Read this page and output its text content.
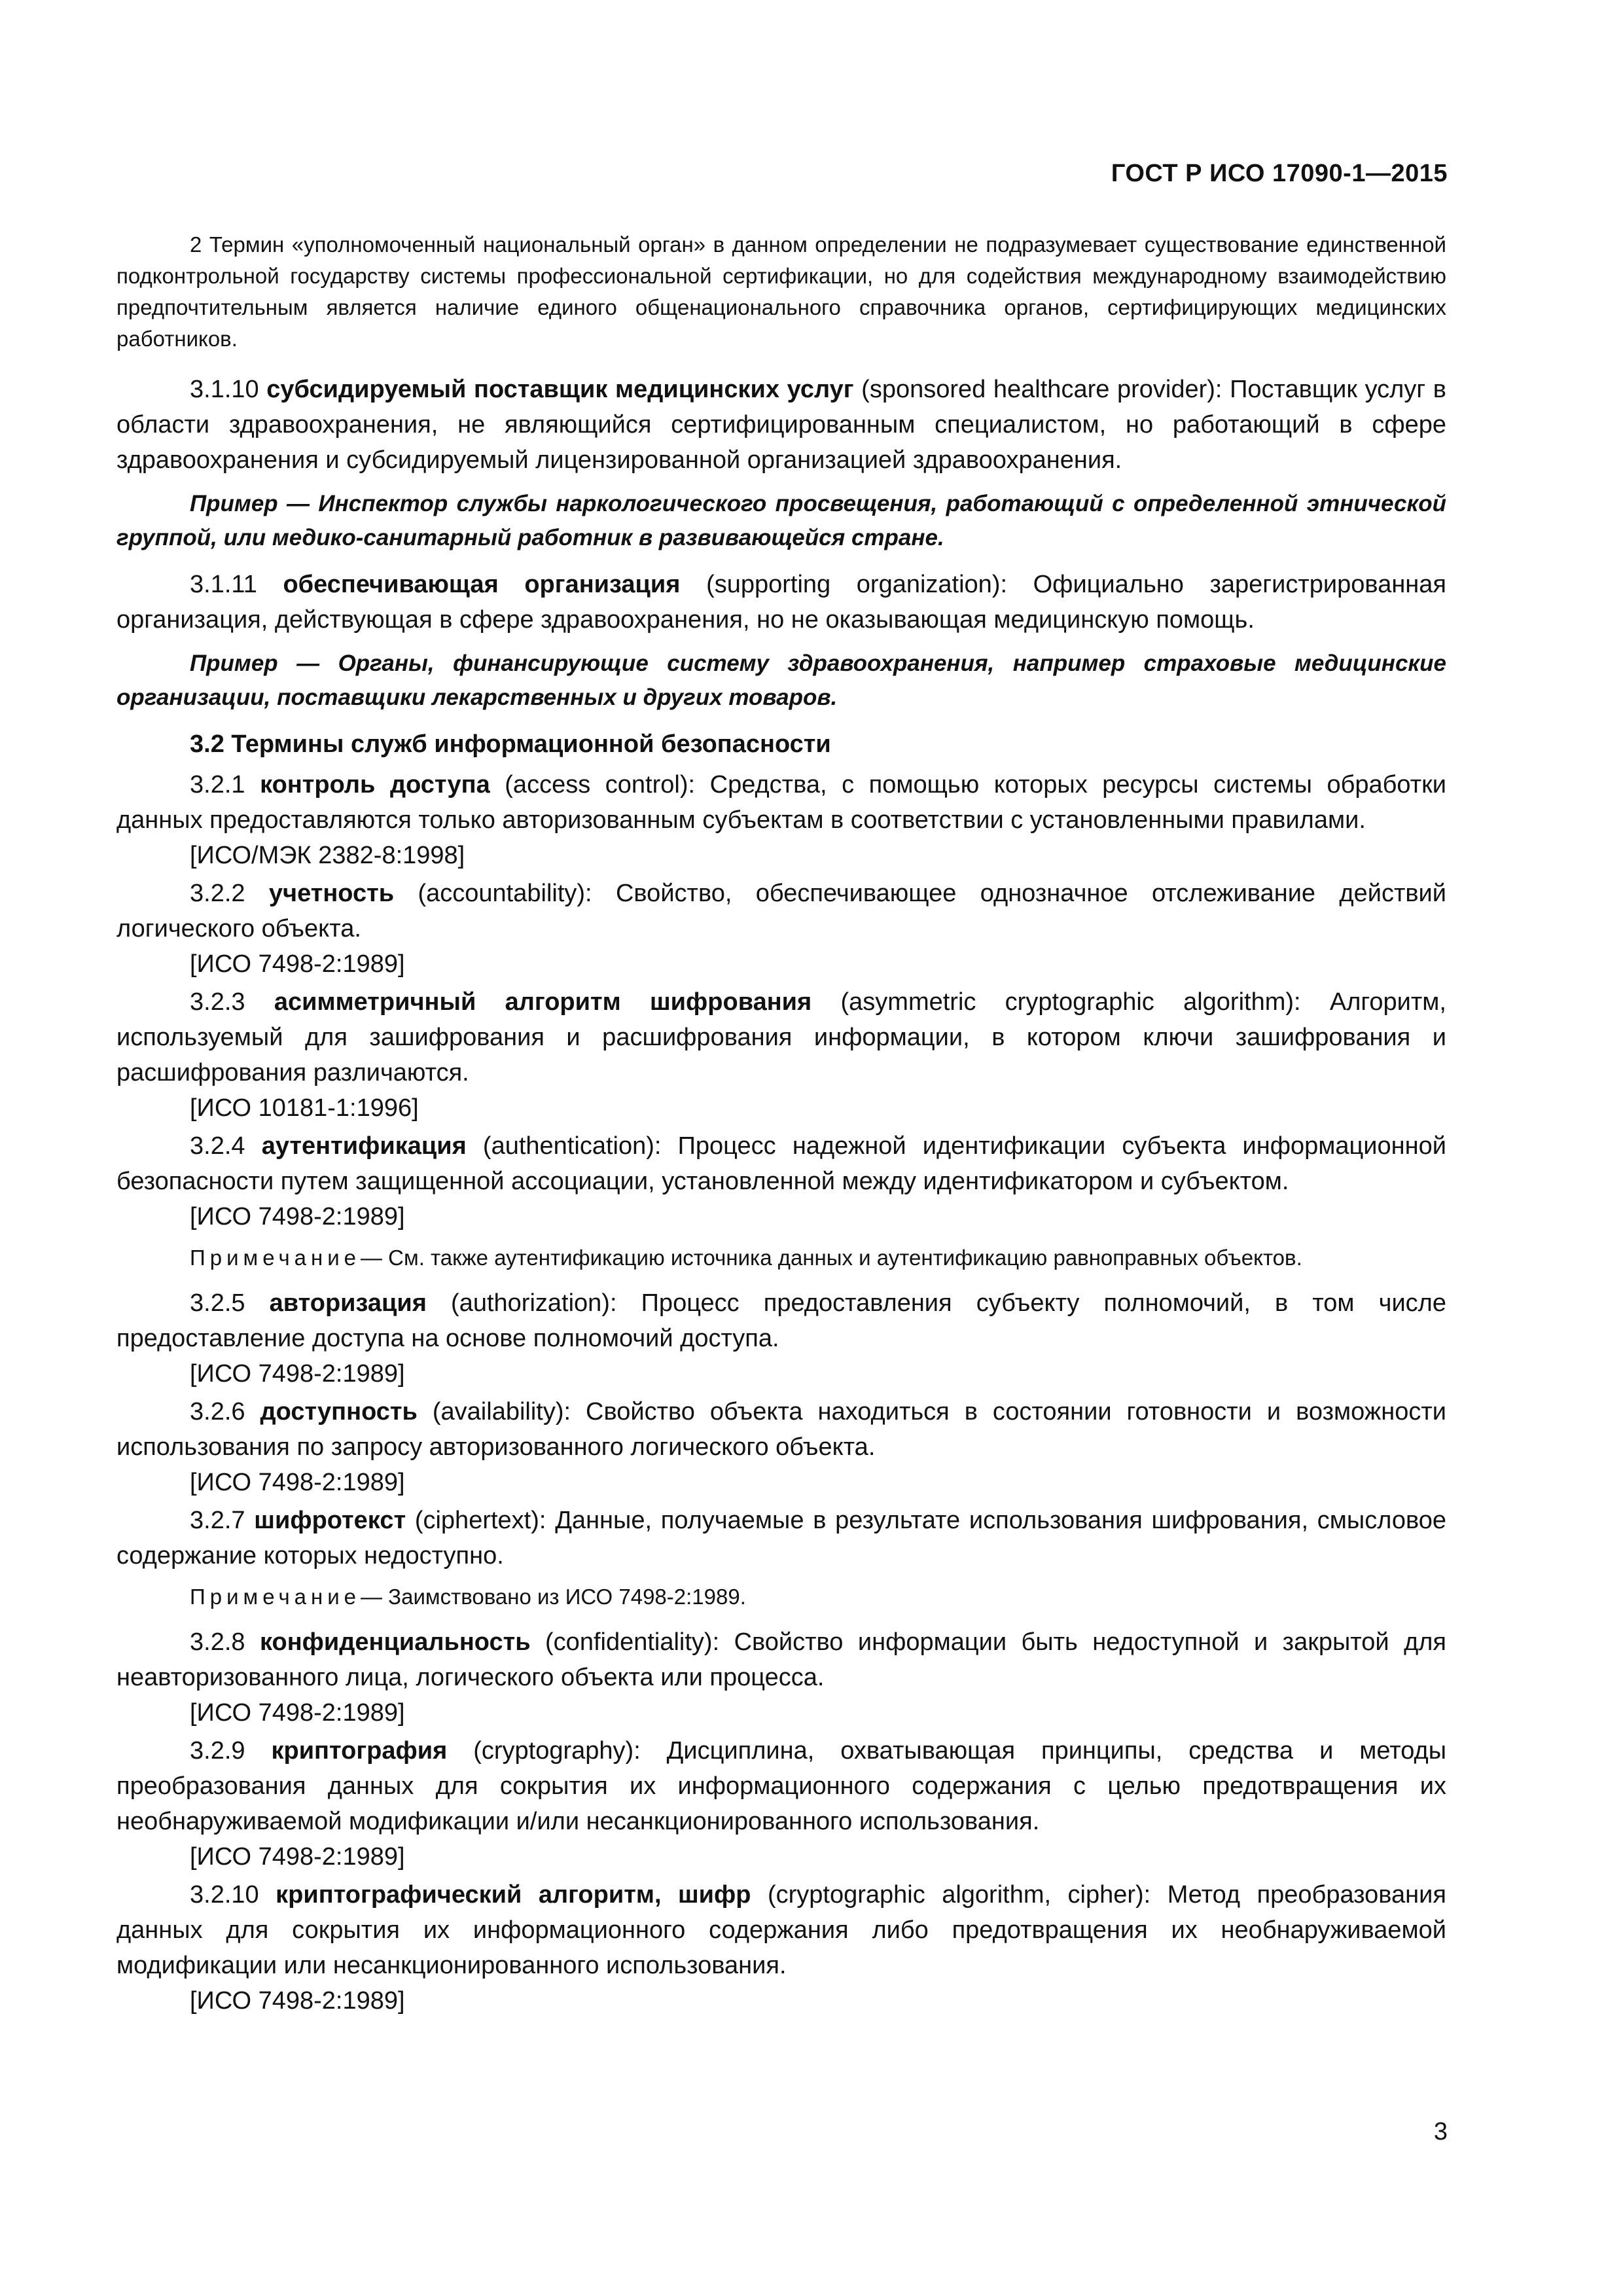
ГОСТ Р ИСО 17090-1—2015

2 Термин «уполномоченный национальный орган» в данном определении не подразумевает существование единственной подконтрольной государству системы профессиональной сертификации, но для содействия международному взаимодействию предпочтительным является наличие единого общенационального справочника органов, сертифицирующих медицинских работников.

3.1.10 субсидируемый поставщик медицинских услуг (sponsored healthcare provider): Поставщик услуг в области здравоохранения, не являющийся сертифицированным специалистом, но работающий в сфере здравоохранения и субсидируемый лицензированной организацией здравоохранения.

Пример — Инспектор службы наркологического просвещения, работающий с определенной этнической группой, или медико-санитарный работник в развивающейся стране.

3.1.11 обеспечивающая организация (supporting organization): Официально зарегистрированная организация, действующая в сфере здравоохранения, но не оказывающая медицинскую помощь.

Пример — Органы, финансирующие систему здравоохранения, например страховые медицинские организации, поставщики лекарственных и других товаров.

3.2 Термины служб информационной безопасности

3.2.1 контроль доступа (access control): Средства, с помощью которых ресурсы системы обработки данных предоставляются только авторизованным субъектам в соответствии с установленными правилами.

[ИСО/МЭК 2382-8:1998]

3.2.2 учетность (accountability): Свойство, обеспечивающее однозначное отслеживание действий логического объекта.

[ИСО 7498-2:1989]

3.2.3 асимметричный алгоритм шифрования (asymmetric cryptographic algorithm): Алгоритм, используемый для зашифрования и расшифрования информации, в котором ключи зашифрования и расшифрования различаются.

[ИСО 10181-1:1996]

3.2.4 аутентификация (authentication): Процесс надежной идентификации субъекта информационной безопасности путем защищенной ассоциации, установленной между идентификатором и субъектом.

[ИСО 7498-2:1989]

Примечание— См. также аутентификацию источника данных и аутентификацию равноправных объектов.

3.2.5 авторизация (authorization): Процесс предоставления субъекту полномочий, в том числе предоставление доступа на основе полномочий доступа.

[ИСО 7498-2:1989]

3.2.6 доступность (availability): Свойство объекта находиться в состоянии готовности и возможности использования по запросу авторизованного логического объекта.

[ИСО 7498-2:1989]

3.2.7 шифротекст (ciphertext): Данные, получаемые в результате использования шифрования, смысловое содержание которых недоступно.

Примечание— Заимствовано из ИСО 7498-2:1989.

3.2.8 конфиденциальность (confidentiality): Свойство информации быть недоступной и закрытой для неавторизованного лица, логического объекта или процесса.

[ИСО 7498-2:1989]

3.2.9 криптография (cryptography): Дисциплина, охватывающая принципы, средства и методы преобразования данных для сокрытия их информационного содержания с целью предотвращения их необнаруживаемой модификации и/или несанкционированного использования.

[ИСО 7498-2:1989]

3.2.10 криптографический алгоритм, шифр (cryptographic algorithm, cipher): Метод преобразования данных для сокрытия их информационного содержания либо предотвращения их необнаруживаемой модификации или несанкционированного использования.

[ИСО 7498-2:1989]

3
